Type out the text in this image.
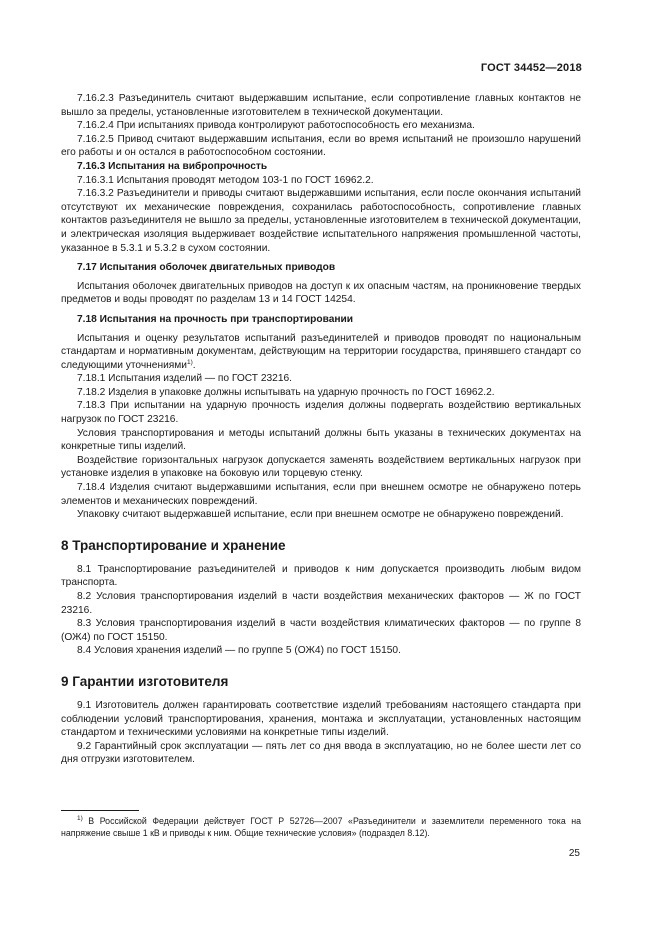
ГОСТ 34452—2018

7.16.2.3 Разъединитель считают выдержавшим испытание, если сопротивление главных контактов не вышло за пределы, установленные изготовителем в технической документации.

7.16.2.4 При испытаниях привода контролируют работоспособность его механизма.

7.16.2.5 Привод считают выдержавшим испытания, если во время испытаний не произошло нарушений его работы и он остался в работоспособном состоянии.

7.16.3 Испытания на вибропрочность

7.16.3.1 Испытания проводят методом 103-1 по ГОСТ 16962.2.

7.16.3.2 Разъединители и приводы считают выдержавшими испытания, если после окончания испытаний отсутствуют их механические повреждения, сохранилась работоспособность, сопротивление главных контактов разъединителя не вышло за пределы, установленные изготовителем в технической документации, и электрическая изоляция выдерживает воздействие испытательного напряжения промышленной частоты, указанное в 5.3.1 и 5.3.2 в сухом состоянии.

7.17 Испытания оболочек двигательных приводов

Испытания оболочек двигательных приводов на доступ к их опасным частям, на проникновение твердых предметов и воды проводят по разделам 13 и 14 ГОСТ 14254.

7.18 Испытания на прочность при транспортировании

Испытания и оценку результатов испытаний разъединителей и приводов проводят по национальным стандартам и нормативным документам, действующим на территории государства, принявшего стандарт со следующими уточнениями$^{1)}$.

7.18.1 Испытания изделий — по ГОСТ 23216.

7.18.2 Изделия в упаковке должны испытывать на ударную прочность по ГОСТ 16962.2.

7.18.3 При испытании на ударную прочность изделия должны подвергать воздействию вертикальных нагрузок по ГОСТ 23216.

Условия транспортирования и методы испытаний должны быть указаны в технических документах на конкретные типы изделий.

Воздействие горизонтальных нагрузок допускается заменять воздействием вертикальных нагрузок при установке изделия в упаковке на боковую или торцевую стенку.

7.18.4 Изделия считают выдержавшими испытания, если при внешнем осмотре не обнаружено потерь элементов и механических повреждений.

Упаковку считают выдержавшей испытание, если при внешнем осмотре не обнаружено повреждений.

8 Транспортирование и хранение

8.1 Транспортирование разъединителей и приводов к ним допускается производить любым видом транспорта.

8.2 Условия транспортирования изделий в части воздействия механических факторов — Ж по ГОСТ 23216.

8.3 Условия транспортирования изделий в части воздействия климатических факторов — по группе 8 (ОЖ4) по ГОСТ 15150.

8.4 Условия хранения изделий — по группе 5 (ОЖ4) по ГОСТ 15150.

9 Гарантии изготовителя

9.1 Изготовитель должен гарантировать соответствие изделий требованиям настоящего стандарта при соблюдении условий транспортирования, хранения, монтажа и эксплуатации, установленных настоящим стандартом и техническими условиями на конкретные типы изделий.

9.2 Гарантийный срок эксплуатации — пять лет со дня ввода в эксплуатацию, но не более шести лет со дня отгрузки изготовителем.

$^{1)}$ В Российской Федерации действует ГОСТ Р 52726—2007 «Разъединители и заземлители переменного тока на напряжение свыше 1 кВ и приводы к ним. Общие технические условия» (подраздел 8.12).

25
